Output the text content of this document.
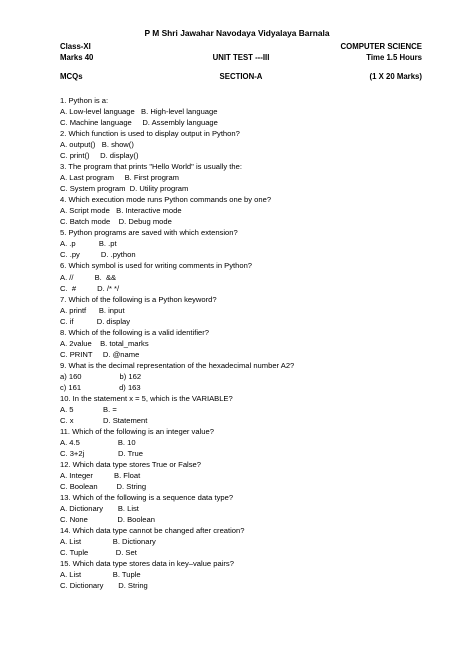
P M Shri Jawahar Navodaya Vidyalaya Barnala
Class-XI	COMPUTER SCIENCE
Marks 40	UNIT TEST ---III	Time 1.5 Hours
MCQs	SECTION-A	(1 X 20 Marks)
1. Python is a:
A. Low-level language   B. High-level language
C. Machine language     D. Assembly language
2. Which function is used to display output in Python?
A. output()   B. show()
C. print()     D. display()
3. The program that prints "Hello World" is usually the:
A. Last program     B. First program
C. System program  D. Utility program
4. Which execution mode runs Python commands one by one?
A. Script mode   B. Interactive mode
C. Batch mode    D. Debug mode
5. Python programs are saved with which extension?
A. .p           B. .pt
C. .py          D. .python
6. Which symbol is used for writing comments in Python?
A. //          B.  &&
C.  #          D. /* */
7. Which of the following is a Python keyword?
A. printf      B. input
C. if           D. display
8. Which of the following is a valid identifier?
A. 2value    B. total_marks
C. PRINT     D. @name
9. What is the decimal representation of the hexadecimal number A2?
a) 160                  b) 162
c) 161                  d) 163
10. In the statement x = 5, which is the VARIABLE?
A. 5              B. =
C. x              D. Statement
11. Which of the following is an integer value?
A. 4.5                  B. 10
C. 3+2j                D. True
12. Which data type stores True or False?
A. Integer          B. Float
C. Boolean         D. String
13. Which of the following is a sequence data type?
A. Dictionary       B. List
C. None              D. Boolean
14. Which data type cannot be changed after creation?
A. List               B. Dictionary
C. Tuple             D. Set
15. Which data type stores data in key–value pairs?
A. List               B. Tuple
C. Dictionary       D. String
